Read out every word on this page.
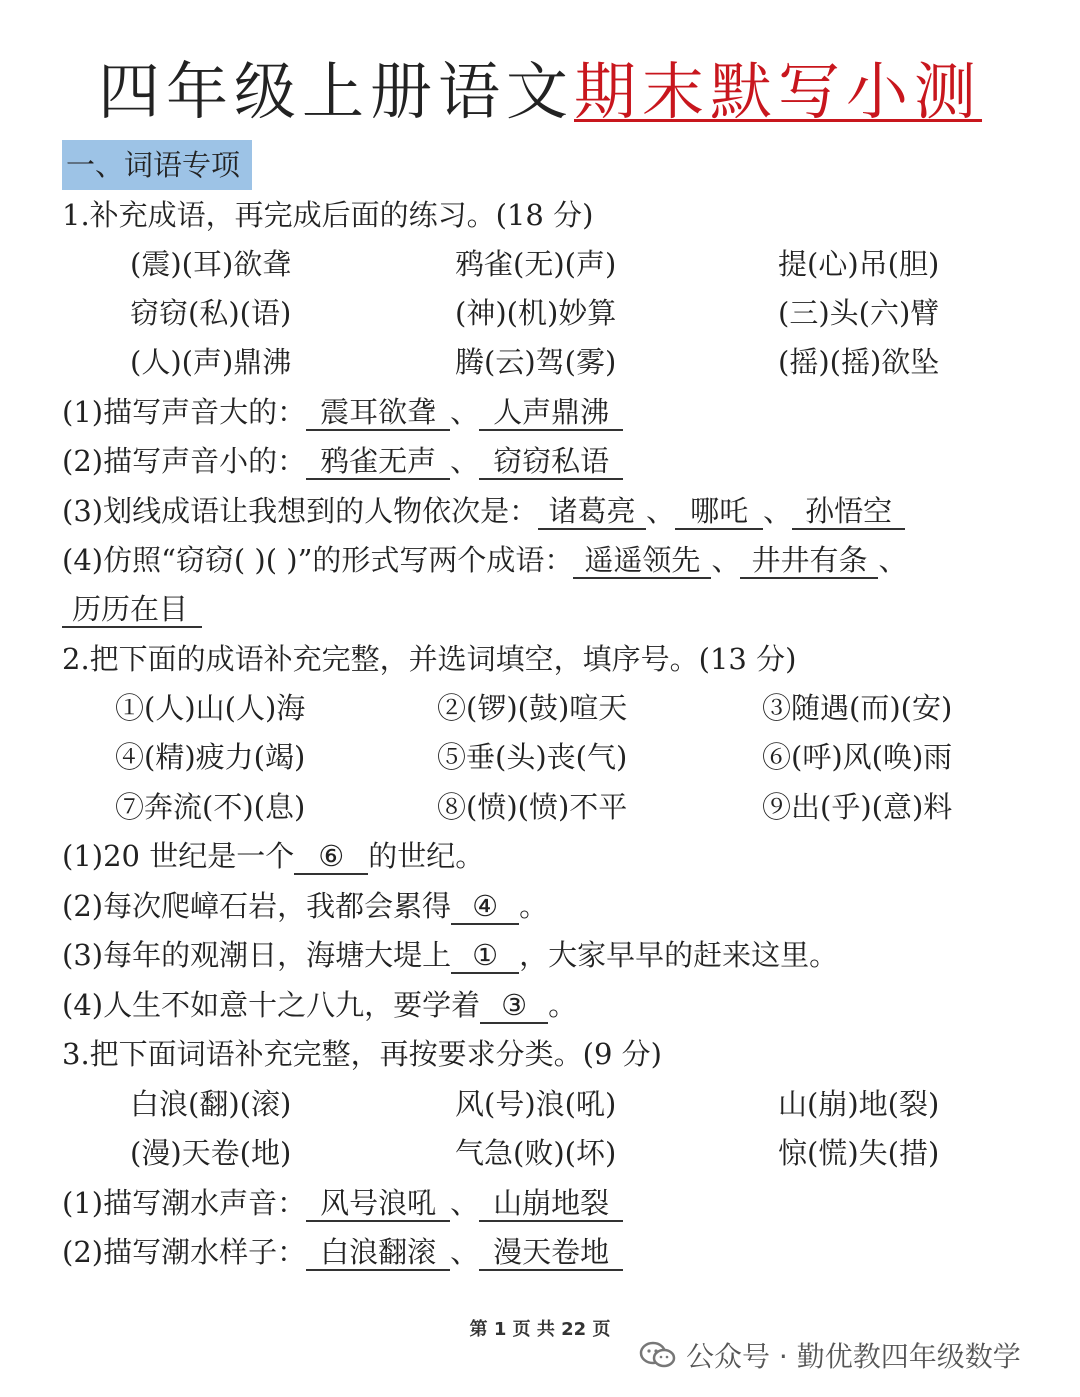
四年级上册语文期末默写小测
一、词语专项
1.补充成语，再完成后面的练习。(18 分)
(震)(耳)欲聋	鸦雀(无)(声)	提(心)吊(胆)
窃窃(私)(语)	(神)(机)妙算	(三)头(六)臂
(人)(声)鼎沸	腾(云)驾(雾)	(摇)(摇)欲坠
(1)描写声音大的： 震耳欲聋 、 人声鼎沸
(2)描写声音小的： 鸦雀无声 、 窃窃私语
(3)划线成语让我想到的人物依次是： 诸葛亮 、 哪吒 、 孙悟空
(4)仿照“窃窃( )( )”的形式写两个成语： 遥遥领先 、 井井有条 、
历历在目
2.把下面的成语补充完整，并选词填空，填序号。(13 分)
①(人)山(人)海	②(锣)(鼓)喧天	③随遇(而)(安)
④(精)疲力(竭)	⑤垂(头)丧(气)	⑥(呼)风(唤)雨
⑦奔流(不)(息)	⑧(愤)(愤)不平	⑨出(乎)(意)料
(1)20 世纪是一个 ⑥ 的世纪。
(2)每次爬嶂石岩，我都会累得 ④ 。
(3)每年的观潮日，海塘大堤上 ① ，大家早早的赶来这里。
(4)人生不如意十之八九，要学着 ③ 。
3.把下面词语补充完整，再按要求分类。(9 分)
白浪(翻)(滚)	风(号)浪(吼)	山(崩)地(裂)
(漫)天卷(地)	气急(败)(坏)	惊(慌)失(措)
(1)描写潮水声音： 风号浪吼 、 山崩地裂
(2)描写潮水样子： 白浪翻滚 、 漫天卷地
第 1 页 共 22 页
公众号 · 勤优教四年级数学
